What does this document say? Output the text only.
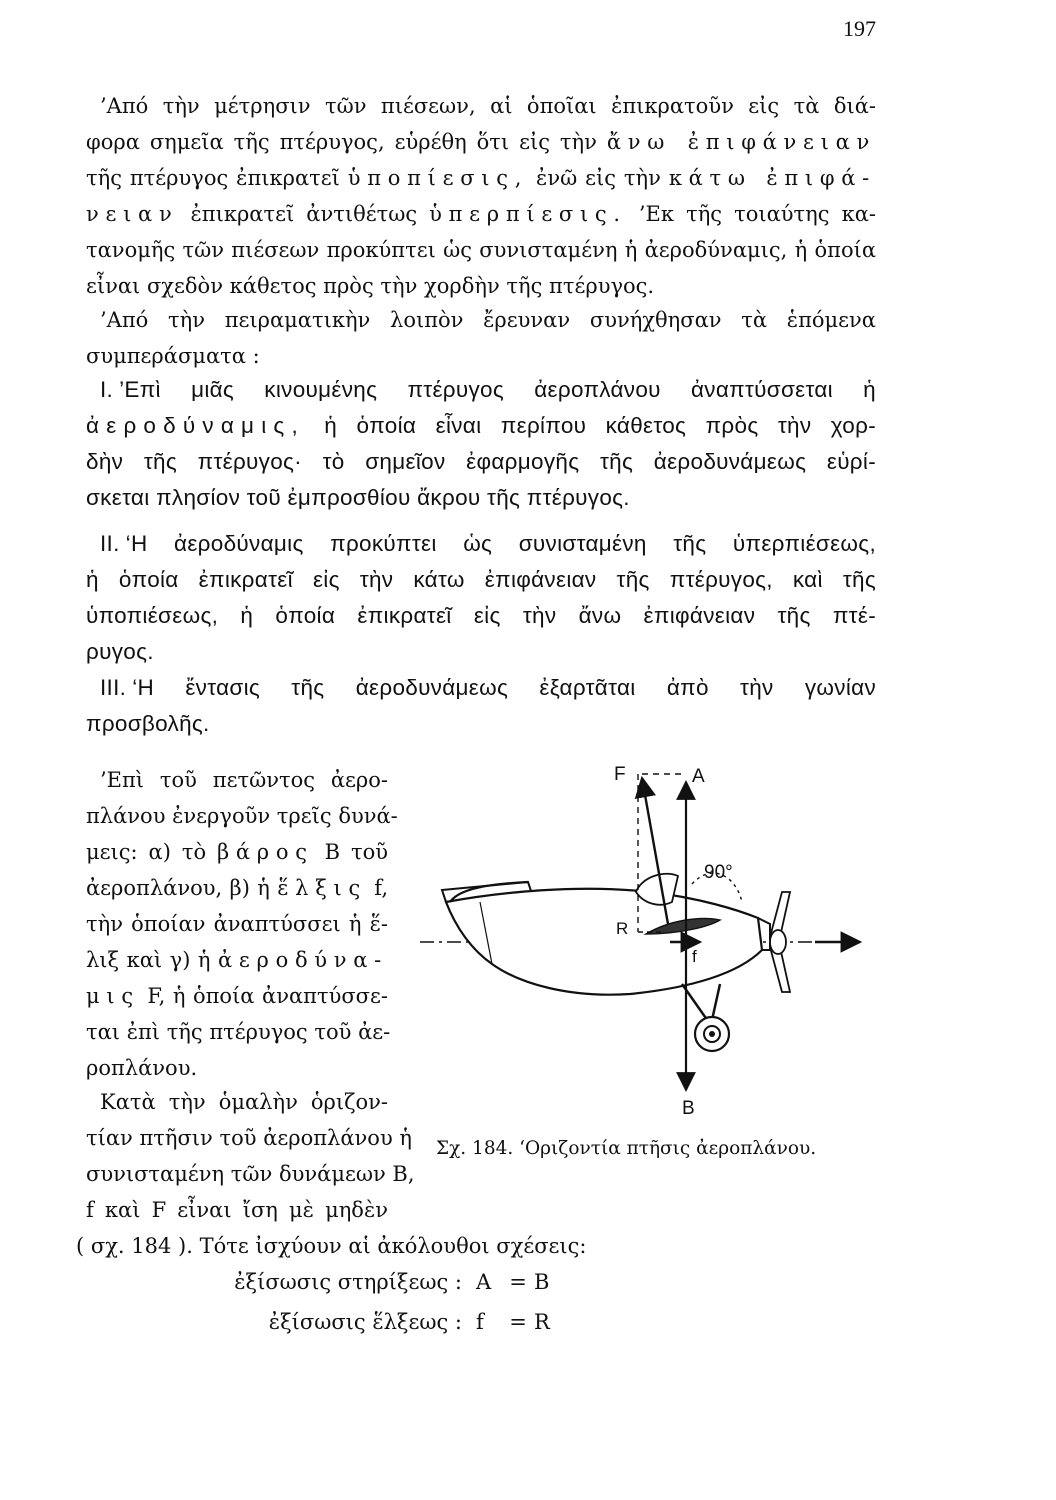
197

’Από τὴν μέτρησιν τῶν πιέσεων, αἱ ὁποῖαι ἐπικρατοῦν εἰς τὰ διά-

φορα σημεῖα τῆς πτέρυγος, εὑρέθη ὅτι εἰς τὴν ἄνω ἐπιφάνειαν

τῆς πτέρυγος ἐπικρατεῖ ὑποπίεσις, ἐνῶ εἰς τὴν κάτω ἐπιφά-

νειαν ἐπικρατεῖ ἀντιθέτως ὑπερπίεσις. ’Εκ τῆς τοιαύτης κα-

τανομῆς τῶν πιέσεων προκύπτει ὡς συνισταμένη ἡ ἀεροδύναμις, ἡ ὁποία

εἶναι σχεδὸν κάθετος πρὸς τὴν χορδὴν τῆς πτέρυγος.

’Από τὴν πειραματικὴν λοιπὸν ἔρευναν συνήχθησαν τὰ ἑπόμενα

συμπεράσματα :

I. ’Επὶ μιᾶς κινουμένης πτέρυγος ἀεροπλάνου ἀναπτύσσεται ἡ

ἀεροδύναμις, ἡ ὁποία εἶναι περίπου κάθετος πρὸς τὴν χορ-

δὴν τῆς πτέρυγος· τὸ σημεῖον ἐφαρμογῆς τῆς ἀεροδυνάμεως εὑρί-

σκεται πλησίον τοῦ ἐμπροσθίου ἄκρου τῆς πτέρυγος.

II. ‘Η ἀεροδύναμις προκύπτει ὡς συνισταμένη τῆς ὑπερπιέσεως,

ἡ ὁποία ἐπικρατεῖ εἰς τὴν κάτω ἐπιφάνειαν τῆς πτέρυγος, καὶ τῆς

ὑποπιέσεως, ἡ ὁποία ἐπικρατεῖ εἰς τὴν ἄνω ἐπιφάνειαν τῆς πτέ-

ρυγος.

III. ‘Η ἔντασις τῆς ἀεροδυνάμεως ἐξαρτᾶται ἀπὸ τὴν γωνίαν

προσβολῆς.

’Επὶ τοῦ πετῶντος ἀερο-

πλάνου ἐνεργοῦν τρεῖς δυνά-

μεις: α) τὸ βάρος Β τοῦ

ἀεροπλάνου, β) ἡ ἕλξις f,

τὴν ὁποίαν ἀναπτύσσει ἡ ἕ-

λιξ καὶ γ) ἡ ἀεροδύνα-

μις F, ἡ ὁποία ἀναπτύσσε-

ται ἐπὶ τῆς πτέρυγος τοῦ ἀε-

ροπλάνου.

Κατὰ τὴν ὁμαλὴν ὁριζον-

τίαν πτῆσιν τοῦ ἀεροπλάνου ἡ

συνισταμένη τῶν δυνάμεων Β,

f καὶ F εἶναι ἴση μὲ μηδὲν

( σχ. 184 ). Τότε ἰσχύουν αἱ ἀκόλουθοι σχέσεις:

ἐξίσωσις στηρίξεως : A = B
ἐξίσωσις ἕλξεως : f = R
F	A
90°
R
f
B
Σχ. 184. ‘Οριζοντία πτῆσις ἀεροπλάνου.
